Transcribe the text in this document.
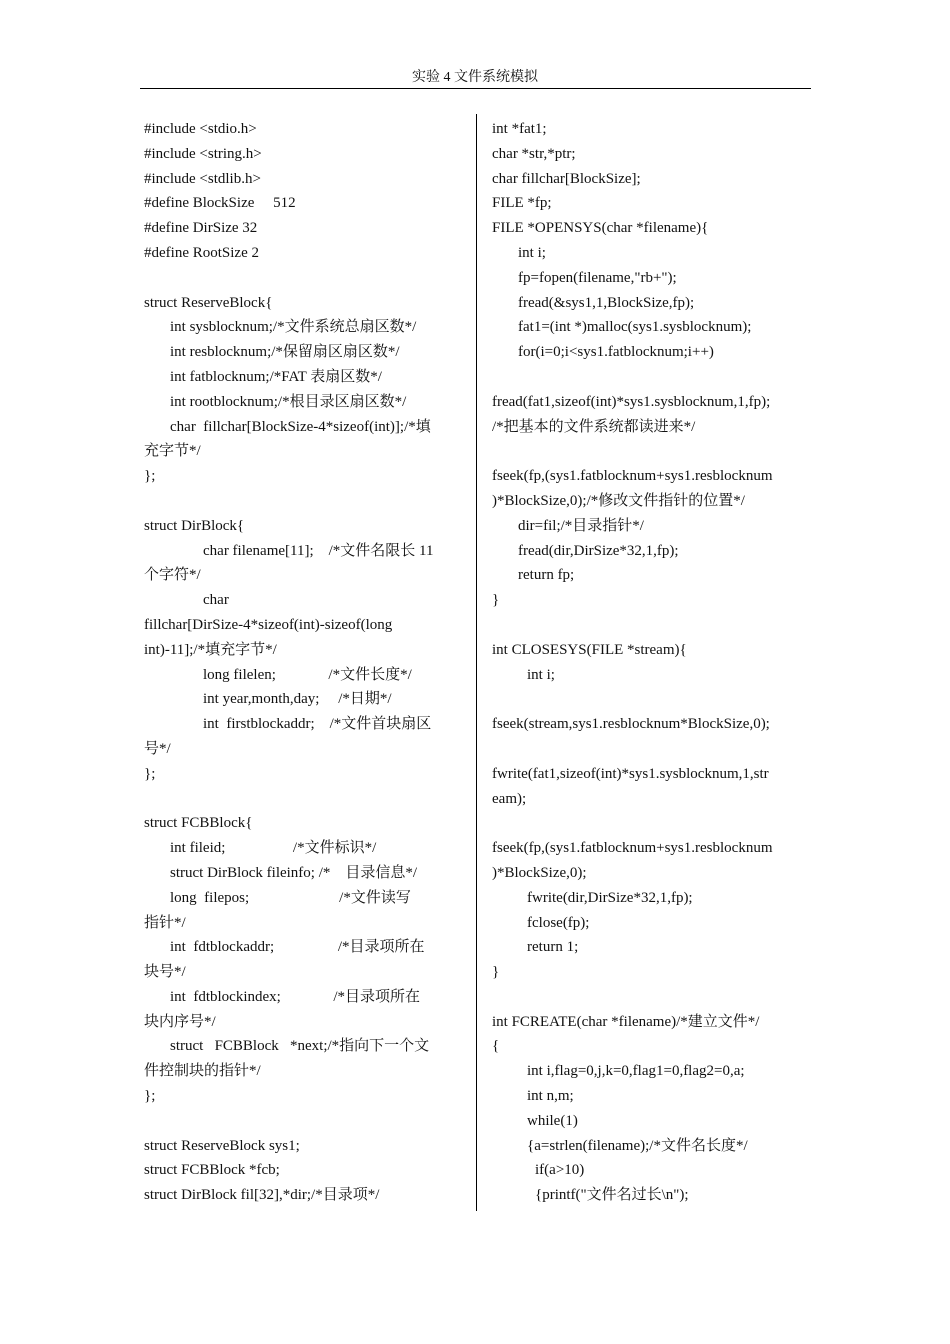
实验 4 文件系统模拟
#include <stdio.h>
#include <string.h>
#include <stdlib.h>
#define BlockSize     512
#define DirSize 32
#define RootSize 2
struct ReserveBlock{
int sysblocknum;/*文件系统总扇区数*/
int resblocknum;/*保留扇区扇区数*/
int fatblocknum;/*FAT 表扇区数*/
int rootblocknum;/*根目录区扇区数*/
char  fillchar[BlockSize-4*sizeof(int)];/*填
充字节*/
};
struct DirBlock{
char filename[11];    /*文件名限长 11
个字符*/
char
fillchar[DirSize-4*sizeof(int)-sizeof(long
int)-11];/*填充字节*/
long filelen;              /*文件长度*/
int year,month,day;     /*日期*/
int  firstblockaddr;    /*文件首块扇区
号*/
};
struct FCBBlock{
int fileid;                  /*文件标识*/
struct DirBlock fileinfo; /*    目录信息*/
long  filepos;                        /*文件读写
指针*/
int  fdtblockaddr;                 /*目录项所在
块号*/
int  fdtblockindex;              /*目录项所在
块内序号*/
struct   FCBBlock   *next;/*指向下一个文
件控制块的指针*/
};
struct ReserveBlock sys1;
struct FCBBlock *fcb;
struct DirBlock fil[32],*dir;/*目录项*/
int *fat1;
char *str,*ptr;
char fillchar[BlockSize];
FILE *fp;
FILE *OPENSYS(char *filename){
int i;
fp=fopen(filename,"rb+");
fread(&sys1,1,BlockSize,fp);
fat1=(int *)malloc(sys1.sysblocknum);
for(i=0;i<sys1.fatblocknum;i++)
fread(fat1,sizeof(int)*sys1.sysblocknum,1,fp);
/*把基本的文件系统都读进来*/
fseek(fp,(sys1.fatblocknum+sys1.resblocknum
)*BlockSize,0);/*修改文件指针的位置*/
dir=fil;/*目录指针*/
fread(dir,DirSize*32,1,fp);
return fp;
}
int CLOSESYS(FILE *stream){
int i;
fseek(stream,sys1.resblocknum*BlockSize,0);
fwrite(fat1,sizeof(int)*sys1.sysblocknum,1,str
eam);
fseek(fp,(sys1.fatblocknum+sys1.resblocknum
)*BlockSize,0);
fwrite(dir,DirSize*32,1,fp);
fclose(fp);
return 1;
}
int FCREATE(char *filename)/*建立文件*/
{
int i,flag=0,j,k=0,flag1=0,flag2=0,a;
int n,m;
while(1)
{a=strlen(filename);/*文件名长度*/
if(a>10)
{printf("文件名过长\n");
